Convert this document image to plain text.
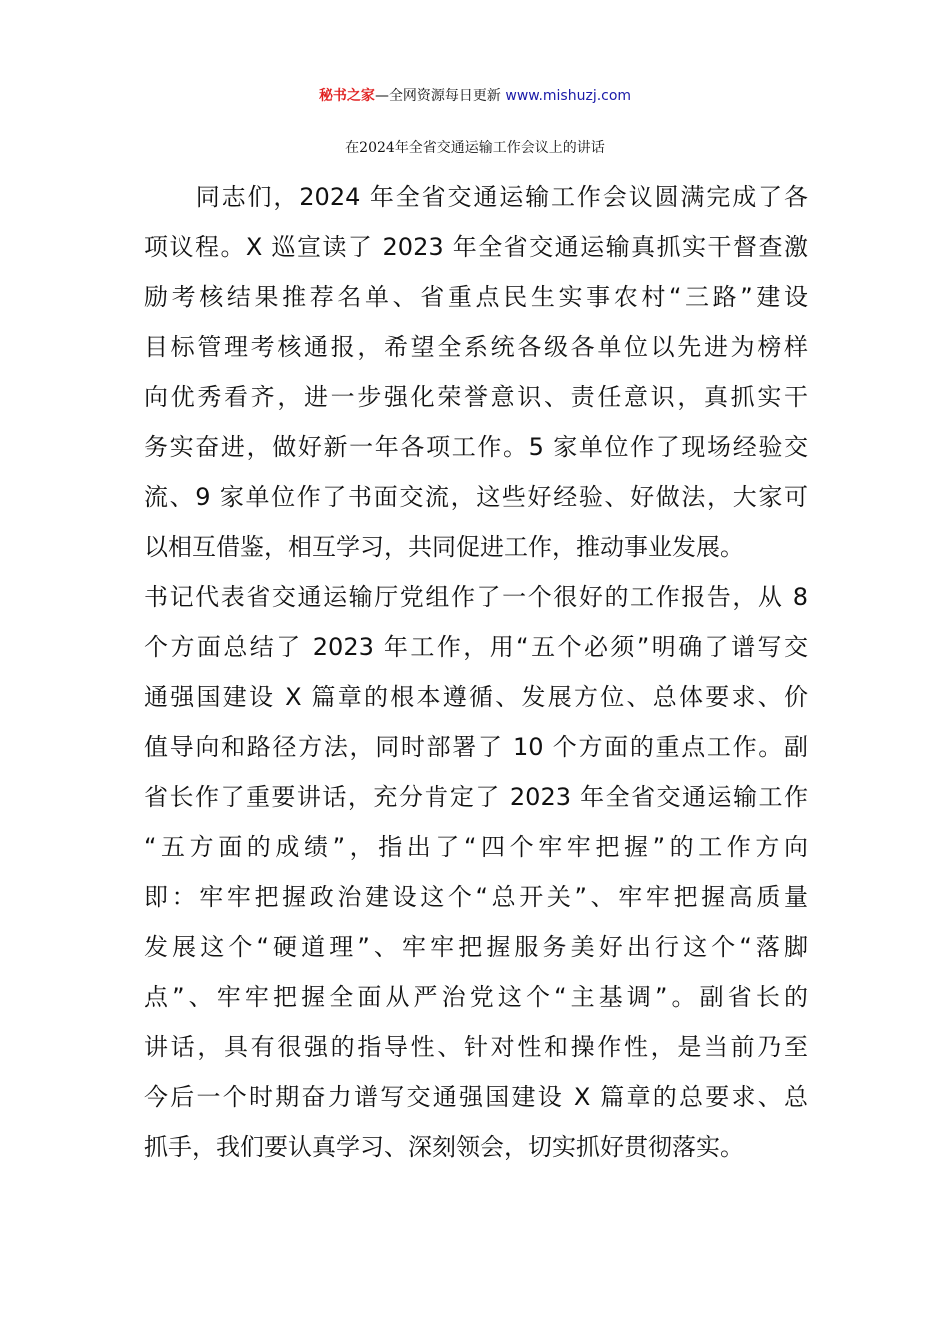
秘书之家—全网资源每日更新 www.mishuzj.com
在2024年全省交通运输工作会议上的讲话
　　同志们，2024 年全省交通运输工作会议圆满完成了各
项议程。X 巡宣读了 2023 年全省交通运输真抓实干督查激
励考核结果推荐名单、省重点民生实事农村“三路”建设
目标管理考核通报，希望全系统各级各单位以先进为榜样
向优秀看齐，进一步强化荣誉意识、责任意识，真抓实干
务实奋进，做好新一年各项工作。5 家单位作了现场经验交
流、9 家单位作了书面交流，这些好经验、好做法，大家可
以相互借鉴，相互学习，共同促进工作，推动事业发展。
书记代表省交通运输厅党组作了一个很好的工作报告，从 8
个方面总结了 2023 年工作，用“五个必须”明确了谱写交
通强国建设 X 篇章的根本遵循、发展方位、总体要求、价
值导向和路径方法，同时部署了 10 个方面的重点工作。副
省长作了重要讲话，充分肯定了 2023 年全省交通运输工作
“五方面的成绩”，指出了“四个牢牢把握”的工作方向
即：牢牢把握政治建设这个“总开关”、牢牢把握高质量
发展这个“硬道理”、牢牢把握服务美好出行这个“落脚
点”、牢牢把握全面从严治党这个“主基调”。副省长的
讲话，具有很强的指导性、针对性和操作性，是当前乃至
今后一个时期奋力谱写交通强国建设 X 篇章的总要求、总
抓手，我们要认真学习、深刻领会，切实抓好贯彻落实。
